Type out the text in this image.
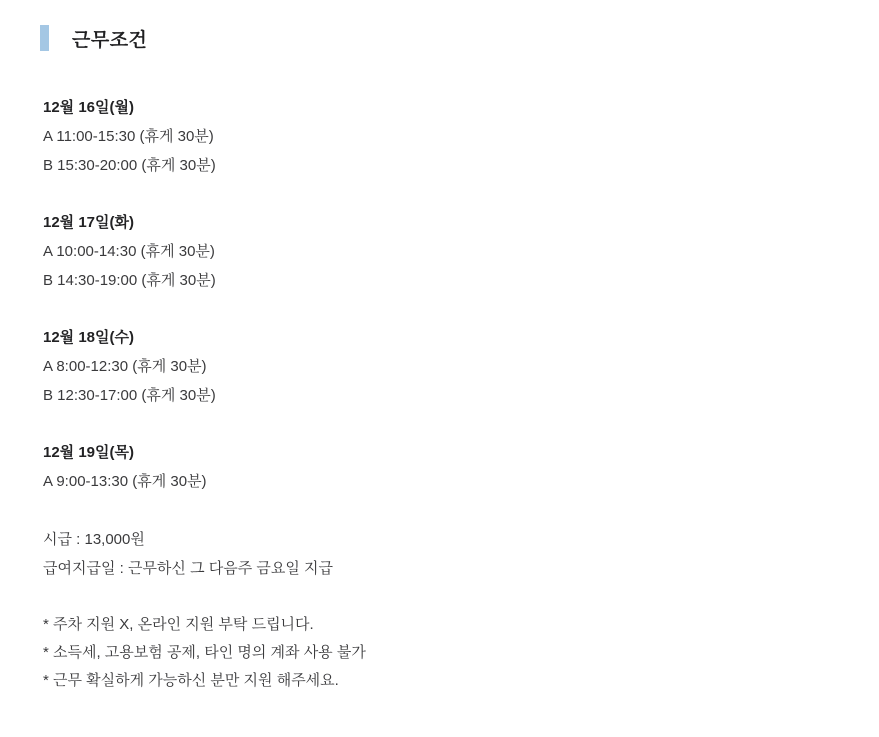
근무조건

12월 16일(월)

A 11:00-15:30 (휴게 30분)

B 15:30-20:00 (휴게 30분)

12월 17일(화)

A 10:00-14:30 (휴게 30분)

B 14:30-19:00 (휴게 30분)

12월 18일(수)

A 8:00-12:30 (휴게 30분)

B 12:30-17:00 (휴게 30분)

12월 19일(목)

A 9:00-13:30 (휴게 30분)

시급 : 13,000원

급여지급일 : 근무하신 그 다음주 금요일 지급

* 주차 지원 X, 온라인 지원 부탁 드립니다.

* 소득세, 고용보험 공제, 타인 명의 계좌 사용 불가

* 근무 확실하게 가능하신 분만 지원 해주세요.
